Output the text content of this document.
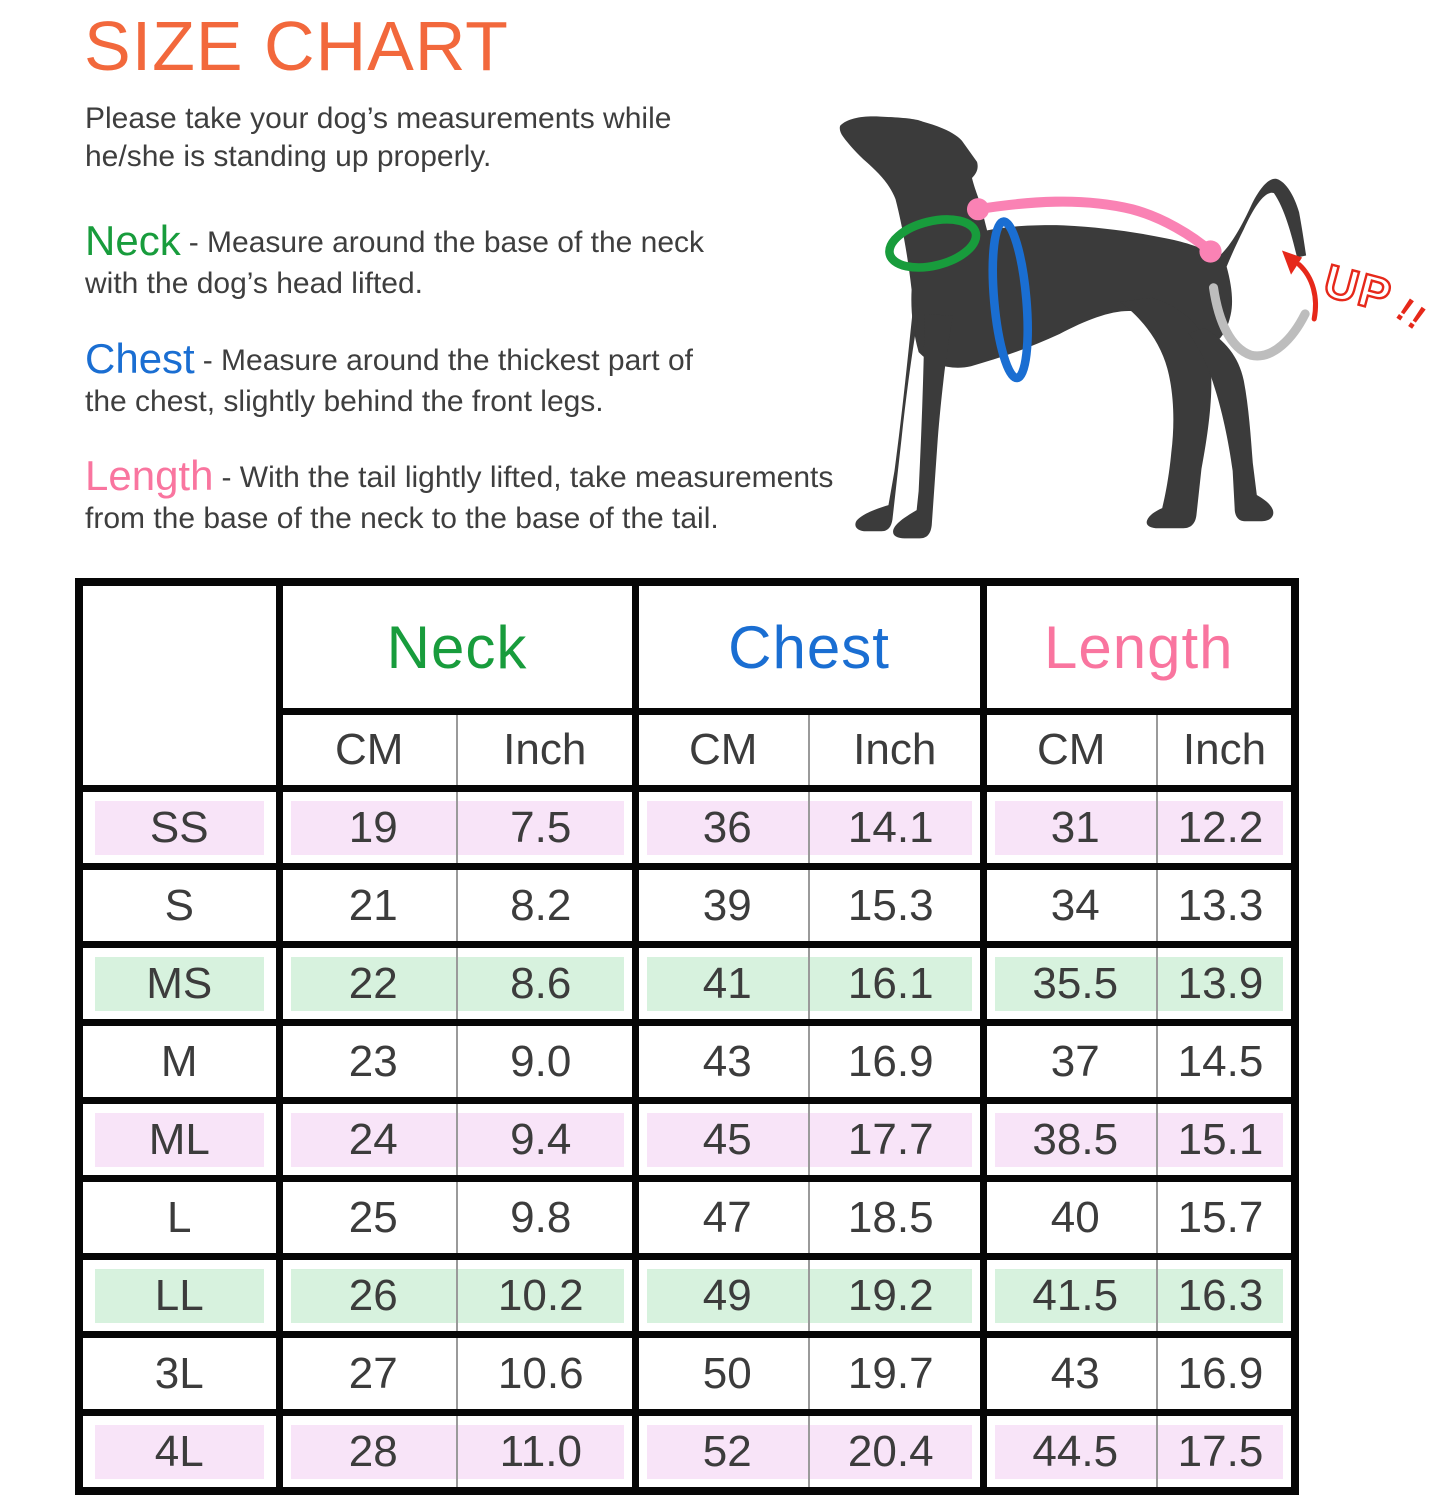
SIZE CHART
Please take your dog’s measurements while
he/she is standing up properly.
Neck - Measure around the base of the neck
with the dog’s head lifted.
Chest - Measure around the thickest part of
the chest, slightly behind the front legs.
Length - With the tail lightly lifted, take measurements
from the base of the neck to the base of the tail.
UP
!!
	Neck		Chest		Length	
	CM	Inch	CM	Inch	CM	Inch

SS	19	7.5	36	14.1	31	12.2

S	21	8.2	39	15.3	34	13.3

MS	22	8.6	41	16.1	35.5	13.9

M	23	9.0	43	16.9	37	14.5

ML	24	9.4	45	17.7	38.5	15.1

L	25	9.8	47	18.5	40	15.7

LL	26	10.2	49	19.2	41.5	16.3

3L	27	10.6	50	19.7	43	16.9

4L	28	11.0	52	20.4	44.5	17.5
